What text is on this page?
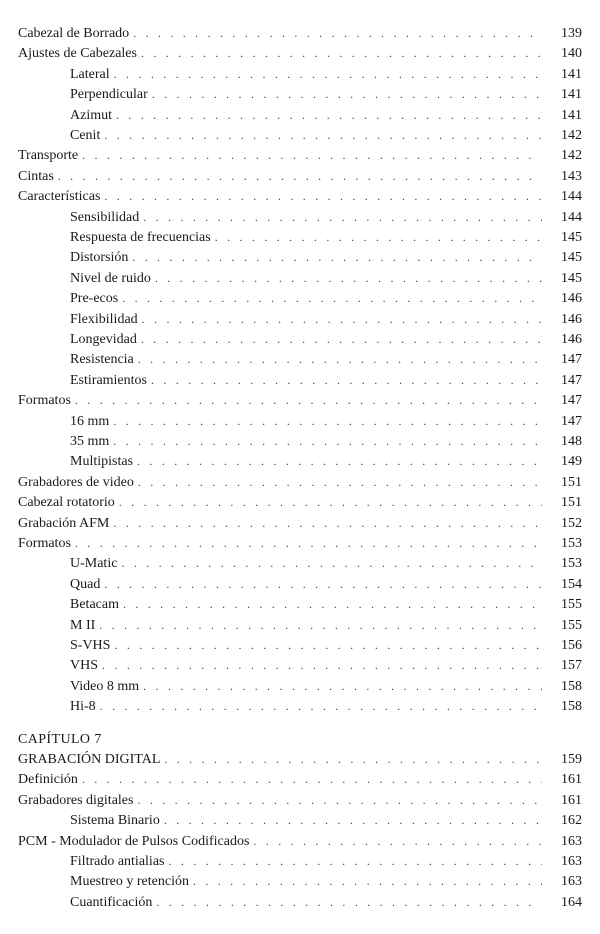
Cabezal de Borrado . . .	139
Ajustes de Cabezales . . .	140
Lateral . . .	141
Perpendicular . . .	141
Azimut . . .	141
Cenit . . .	142
Transporte . . .	142
Cintas . . .	143
Características . . .	144
Sensibilidad . . .	144
Respuesta de frecuencias . . .	145
Distorsión . . .	145
Nivel de ruido . . .	145
Pre-ecos . . .	146
Flexibilidad . . .	146
Longevidad . . .	146
Resistencia . . .	147
Estiramientos . . .	147
Formatos . . .	147
16 mm . . .	147
35 mm . . .	148
Multipistas . . .	149
Grabadores de video . . .	151
Cabezal rotatorio . . .	151
Grabación AFM . . .	152
Formatos . . .	153
U-Matic . . .	153
Quad . . .	154
Betacam . . .	155
M II . . .	155
S-VHS . . .	156
VHS . . .	157
Video 8 mm . . .	158
Hi-8 . . .	158
CAPÍTULO 7
GRABACIÓN DIGITAL . . .	159
Definición . . .	161
Grabadores digitales . . .	161
Sistema Binario . . .	162
PCM - Modulador de Pulsos Codificados . . .	163
Filtrado antialias . . .	163
Muestreo y retención . . .	163
Cuantificación . . .	164
